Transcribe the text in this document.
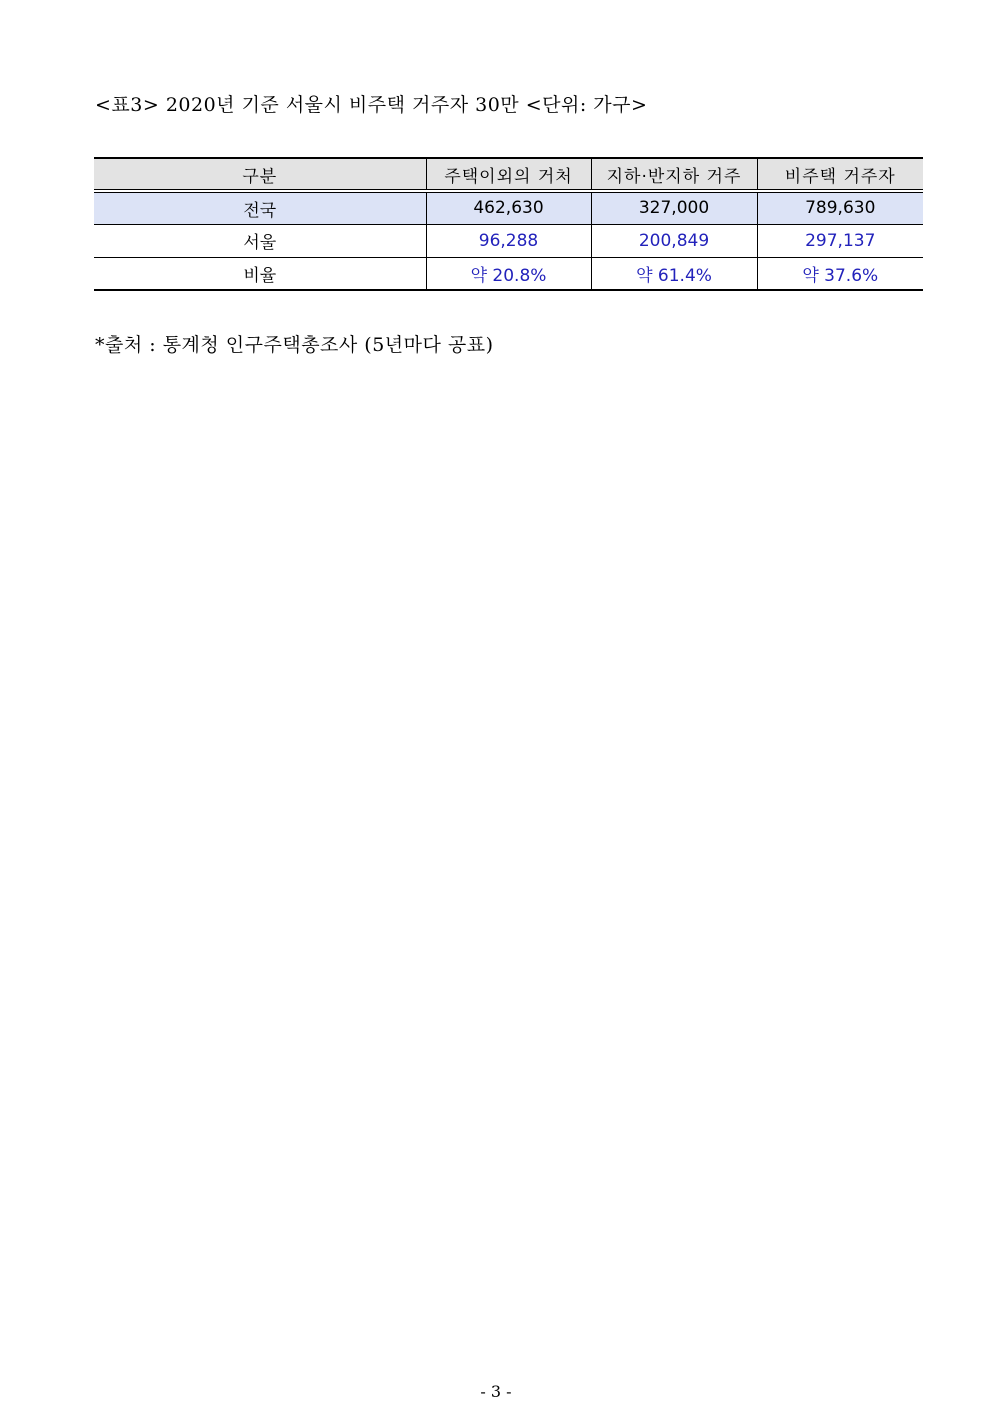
<표3> 2020년 기준 서울시 비주택 거주자 30만 <단위: 가구>
구분	주택이외의 거처	지하·반지하 거주	비주택 거주자
전국	462,630	327,000	789,630
서울	96,288	200,849	297,137
비율	약 20.8%	약 61.4%	약 37.6%
*출처 : 통계청 인구주택총조사 (5년마다 공표)
- 3 -
